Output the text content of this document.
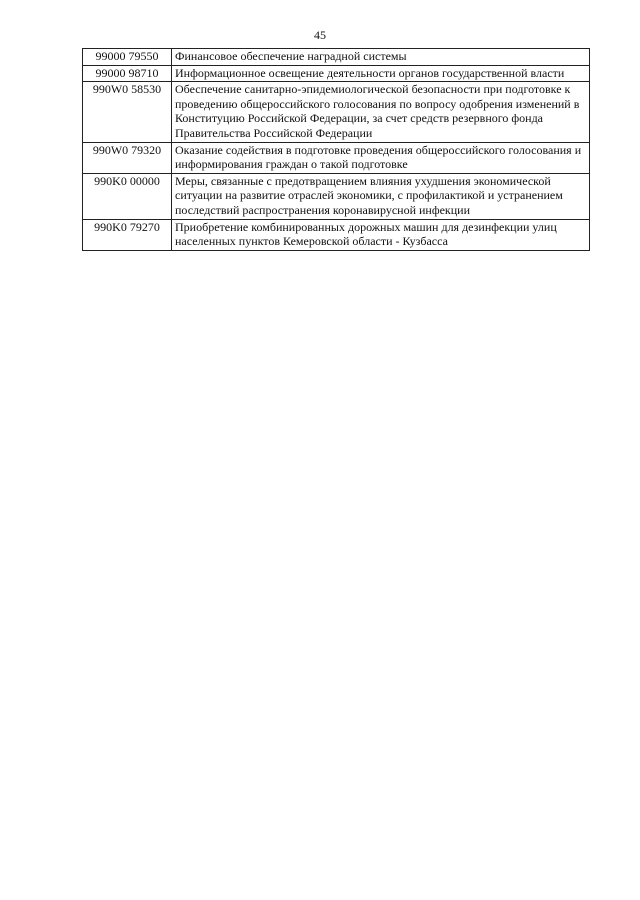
45
99000 79550	Финансовое обеспечение наградной системы
99000 98710	Информационное освещение деятельности органов государственной власти
990W0 58530	Обеспечение санитарно-эпидемиологической безопасности при подготовке к проведению общероссийского голосования по вопросу одобрения изменений в Конституцию Российской Федерации, за счет средств резервного фонда Правительства Российской Федерации
990W0 79320	Оказание содействия в подготовке проведения общероссийского голосования и информирования граждан о такой подготовке
990K0 00000	Меры, связанные с предотвращением влияния ухудшения экономической ситуации на развитие отраслей экономики, с профилактикой и устранением последствий распространения коронавирусной инфекции
990K0 79270	Приобретение комбинированных дорожных машин для дезинфекции улиц населенных пунктов Кемеровской области - Кузбасса
